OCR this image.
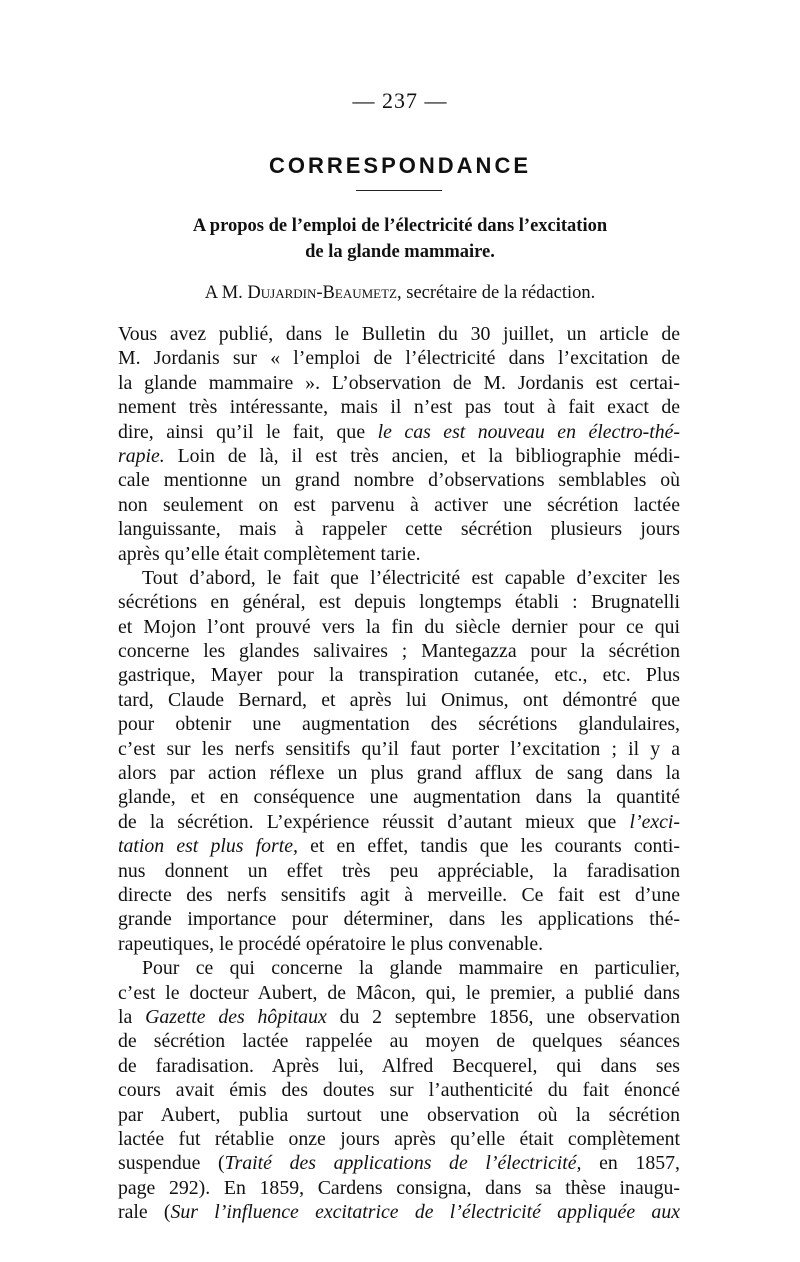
— 237 —
CORRESPONDANCE
A propos de l’emploi de l’électricité dans l’excitation
de la glande mammaire.
A M. Dujardin-Beaumetz, secrétaire de la rédaction.
Vous avez publié, dans le Bulletin du 30 juillet, un article de
M. Jordanis sur « l’emploi de l’électricité dans l’excitation de
la glande mammaire ». L’observation de M. Jordanis est certai-
nement très intéressante, mais il n’est pas tout à fait exact de
dire, ainsi qu’il le fait, que le cas est nouveau en électro-thé-
rapie. Loin de là, il est très ancien, et la bibliographie médi-
cale mentionne un grand nombre d’observations semblables où
non seulement on est parvenu à activer une sécrétion lactée
languissante, mais à rappeler cette sécrétion plusieurs jours
après qu’elle était complètement tarie.
Tout d’abord, le fait que l’électricité est capable d’exciter les
sécrétions en général, est depuis longtemps établi : Brugnatelli
et Mojon l’ont prouvé vers la fin du siècle dernier pour ce qui
concerne les glandes salivaires ; Mantegazza pour la sécrétion
gastrique, Mayer pour la transpiration cutanée, etc., etc. Plus
tard, Claude Bernard, et après lui Onimus, ont démontré que
pour obtenir une augmentation des sécrétions glandulaires,
c’est sur les nerfs sensitifs qu’il faut porter l’excitation ; il y a
alors par action réflexe un plus grand afflux de sang dans la
glande, et en conséquence une augmentation dans la quantité
de la sécrétion. L’expérience réussit d’autant mieux que l’exci-
tation est plus forte, et en effet, tandis que les courants conti-
nus donnent un effet très peu appréciable, la faradisation
directe des nerfs sensitifs agit à merveille. Ce fait est d’une
grande importance pour déterminer, dans les applications thé-
rapeutiques, le procédé opératoire le plus convenable.
Pour ce qui concerne la glande mammaire en particulier,
c’est le docteur Aubert, de Mâcon, qui, le premier, a publié dans
la Gazette des hôpitaux du 2 septembre 1856, une observation
de sécrétion lactée rappelée au moyen de quelques séances
de faradisation. Après lui, Alfred Becquerel, qui dans ses
cours avait émis des doutes sur l’authenticité du fait énoncé
par Aubert, publia surtout une observation où la sécrétion
lactée fut rétablie onze jours après qu’elle était complètement
suspendue (Traité des applications de l’électricité, en 1857,
page 292). En 1859, Cardens consigna, dans sa thèse inaugu-
rale (Sur l’influence excitatrice de l’électricité appliquée aux
